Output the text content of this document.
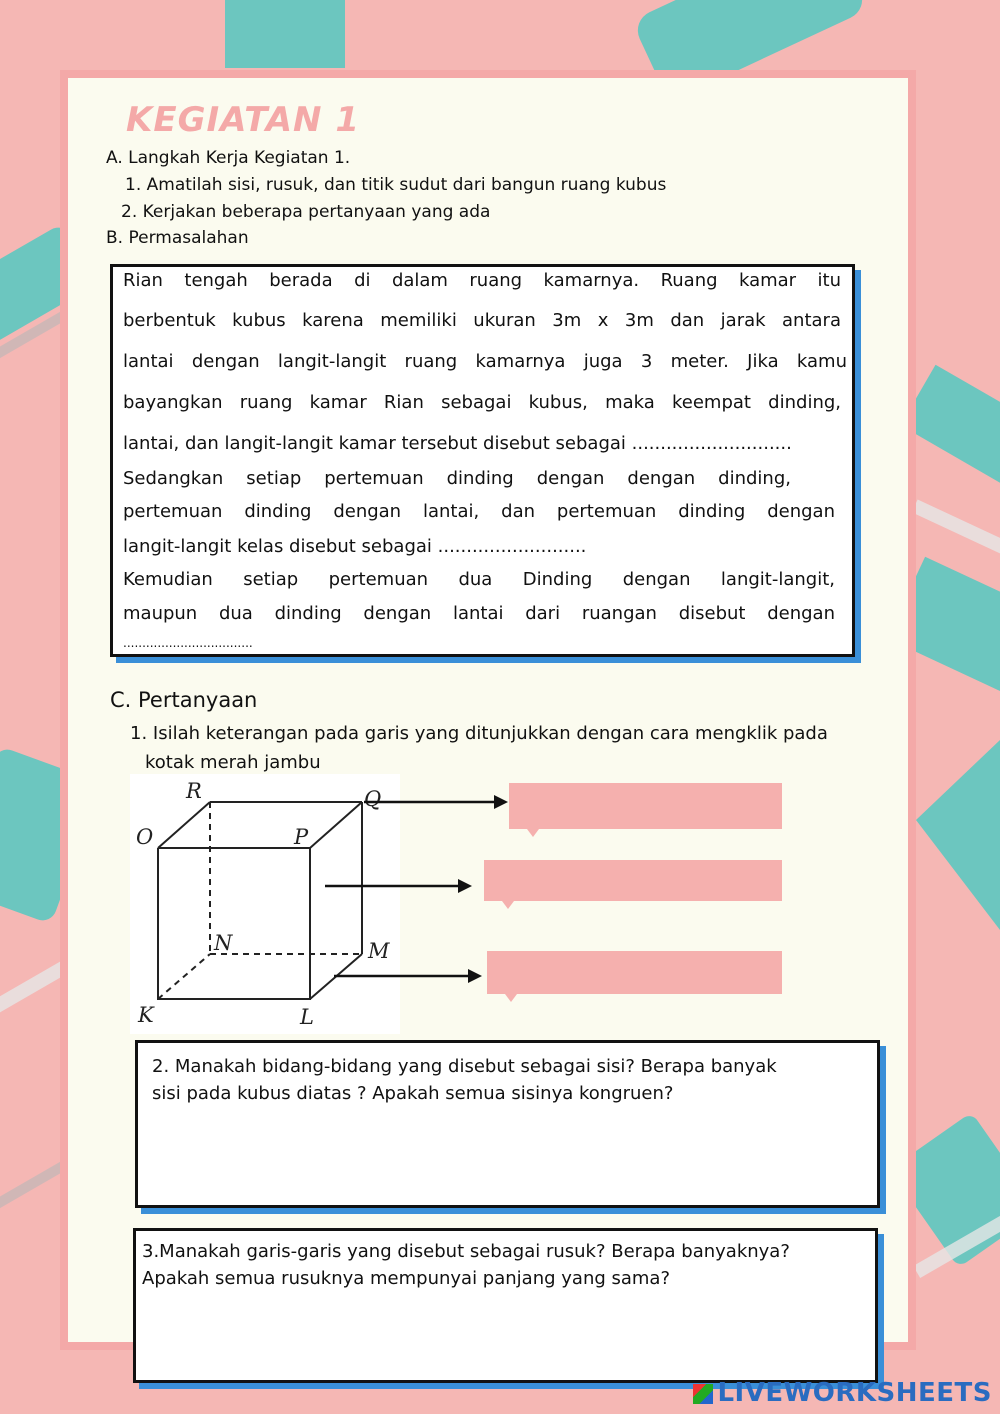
KEGIATAN 1
A. Langkah Kerja Kegiatan 1.
1. Amatilah sisi, rusuk, dan titik sudut dari bangun ruang kubus
2. Kerjakan beberapa pertanyaan yang ada
B. Permasalahan
Rian tengah berada di dalam ruang kamarnya. Ruang kamar itu
berbentuk kubus karena memiliki ukuran 3m x 3m dan jarak antara
lantai dengan langit-langit ruang kamarnya juga 3 meter. Jika kamu
bayangkan ruang kamar Rian sebagai kubus, maka keempat dinding,
lantai, dan langit-langit kamar tersebut disebut sebagai ............................
Sedangkan setiap pertemuan dinding dengan dengan dinding,
pertemuan dinding dengan lantai, dan pertemuan dinding dengan
langit-langit kelas disebut sebagai ..........................
Kemudian setiap pertemuan dua Dinding dengan langit-langit,
maupun dua dinding dengan lantai dari ruangan disebut dengan
..................................
C. Pertanyaan
1. Isilah keterangan pada garis yang ditunjukkan dengan cara mengklik pada
kotak merah jambu
R	Q
O	P
N	M
K	L
2. Manakah bidang-bidang yang disebut sebagai sisi? Berapa banyak
sisi pada kubus diatas ? Apakah semua sisinya kongruen?
3.Manakah garis-garis yang disebut sebagai rusuk? Berapa banyaknya?
Apakah semua rusuknya mempunyai panjang yang sama?
LIVEWORKSHEETS
